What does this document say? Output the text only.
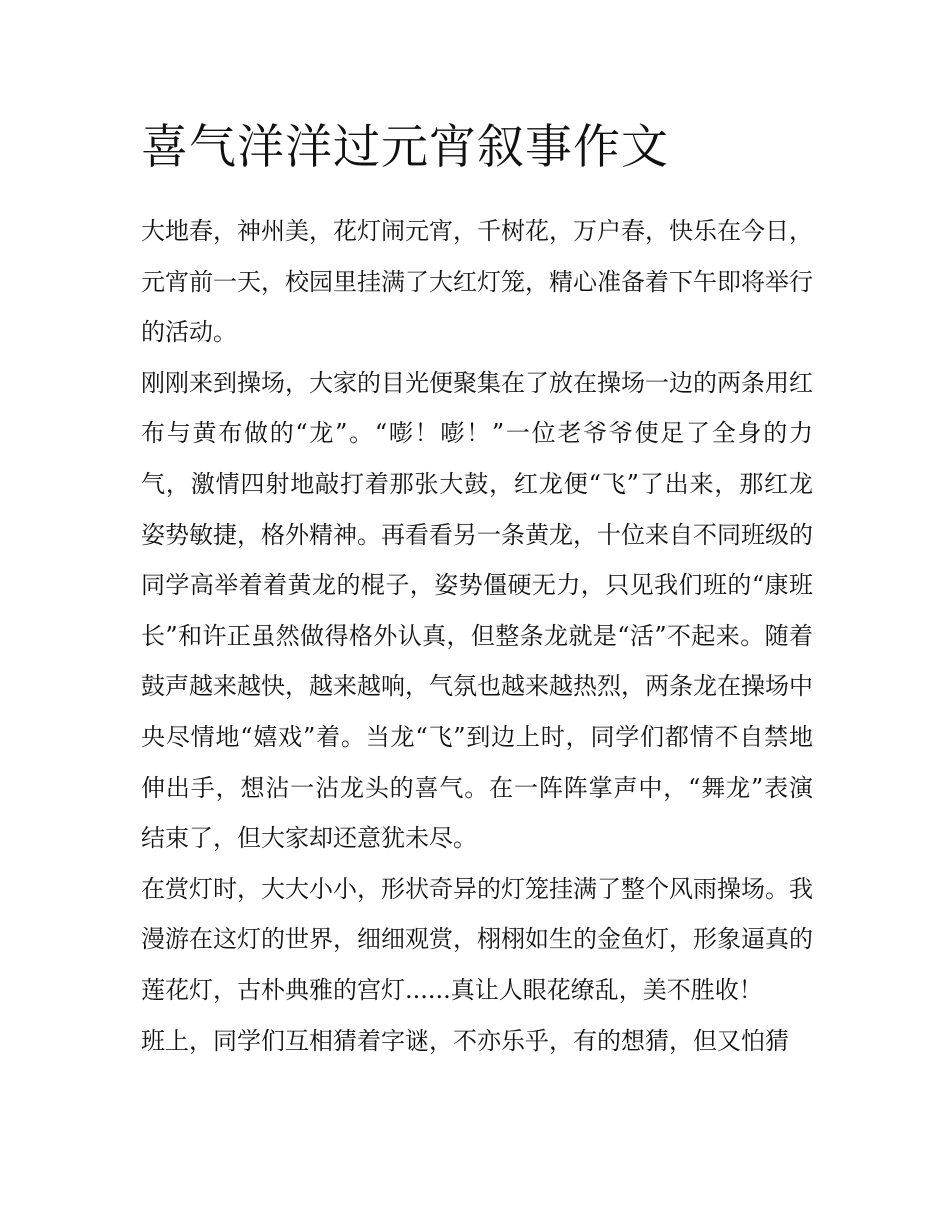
喜气洋洋过元宵叙事作文

大地春，神州美，花灯闹元宵，千树花，万户春，快乐在今日，元宵前一天，校园里挂满了大红灯笼，精心准备着下午即将举行的活动。

刚刚来到操场，大家的目光便聚集在了放在操场一边的两条用红布与黄布做的“龙”。“嘭！嘭！”一位老爷爷使足了全身的力气，激情四射地敲打着那张大鼓，红龙便“飞”了出来，那红龙姿势敏捷，格外精神。再看看另一条黄龙，十位来自不同班级的同学高举着着黄龙的棍子，姿势僵硬无力，只见我们班的“康班长”和许正虽然做得格外认真，但整条龙就是“活”不起来。随着鼓声越来越快，越来越响，气氛也越来越热烈，两条龙在操场中央尽情地“嬉戏”着。当龙“飞”到边上时，同学们都情不自禁地伸出手，想沾一沾龙头的喜气。在一阵阵掌声中，“舞龙”表演结束了，但大家却还意犹未尽。

在赏灯时，大大小小，形状奇异的灯笼挂满了整个风雨操场。我漫游在这灯的世界，细细观赏，栩栩如生的金鱼灯，形象逼真的莲花灯，古朴典雅的宫灯......真让人眼花缭乱，美不胜收！

班上，同学们互相猜着字谜，不亦乐乎，有的想猜，但又怕猜
